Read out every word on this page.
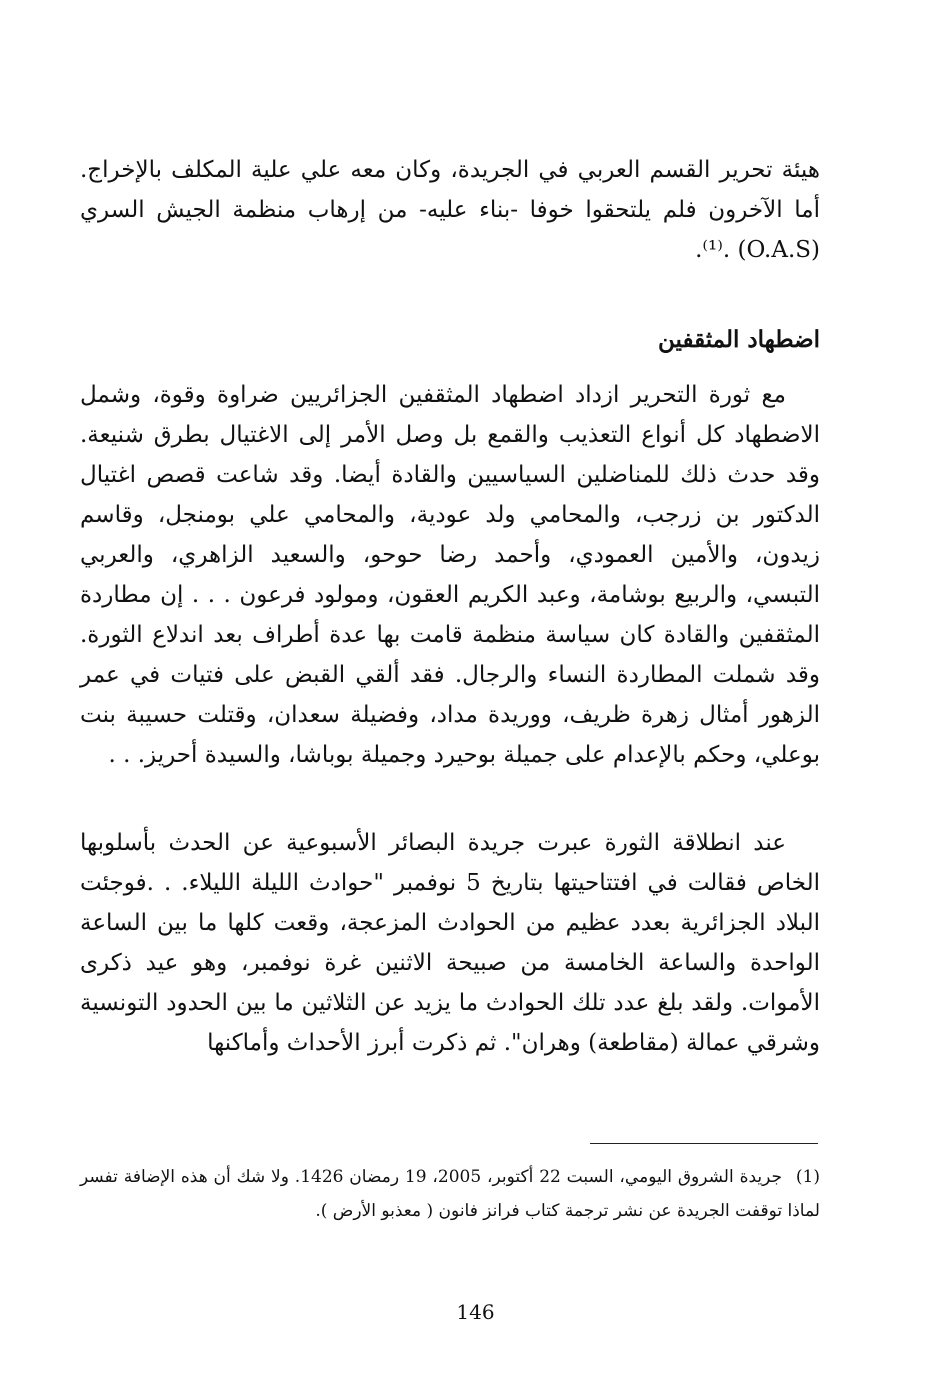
هيئة تحرير القسم العربي في الجريدة، وكان معه علي علية المكلف بالإخراج. أما الآخرون فلم يلتحقوا خوفا -بناء عليه- من إرهاب منظمة الجيش السري (O.A.S) .⁽¹⁾.

اضطهاد المثقفين

مع ثورة التحرير ازداد اضطهاد المثقفين الجزائريين ضراوة وقوة، وشمل الاضطهاد كل أنواع التعذيب والقمع بل وصل الأمر إلى الاغتيال بطرق شنيعة. وقد حدث ذلك للمناضلين السياسيين والقادة أيضا. وقد شاعت قصص اغتيال الدكتور بن زرجب، والمحامي ولد عودية، والمحامي علي بومنجل، وقاسم زيدون، والأمين العمودي، وأحمد رضا حوحو، والسعيد الزاهري، والعربي التبسي، والربيع بوشامة، وعبد الكريم العقون، ومولود فرعون . . . إن مطاردة المثقفين والقادة كان سياسة منظمة قامت بها عدة أطراف بعد اندلاع الثورة. وقد شملت المطاردة النساء والرجال. فقد ألقي القبض على فتيات في عمر الزهور أمثال زهرة ظريف، ووريدة مداد، وفضيلة سعدان، وقتلت حسيبة بنت بوعلي، وحكم بالإعدام على جميلة بوحيرد وجميلة بوباشا، والسيدة أحريز. . .

عند انطلاقة الثورة عبرت جريدة البصائر الأسبوعية عن الحدث بأسلوبها الخاص فقالت في افتتاحيتها بتاريخ 5 نوفمبر "حوادث الليلة الليلاء. . .فوجئت البلاد الجزائرية بعدد عظيم من الحوادث المزعجة، وقعت كلها ما بين الساعة الواحدة والساعة الخامسة من صبيحة الاثنين غرة نوفمبر، وهو عيد ذكرى الأموات. ولقد بلغ عدد تلك الحوادث ما يزيد عن الثلاثين ما بين الحدود التونسية وشرقي عمالة (مقاطعة) وهران". ثم ذكرت أبرز الأحداث وأماكنها

(1) جريدة الشروق اليومي، السبت 22 أكتوبر، 2005، 19 رمضان 1426. ولا شك أن هذه الإضافة تفسر لماذا توقفت الجريدة عن نشر ترجمة كتاب فرانز فانون ( معذبو الأرض ).

146
